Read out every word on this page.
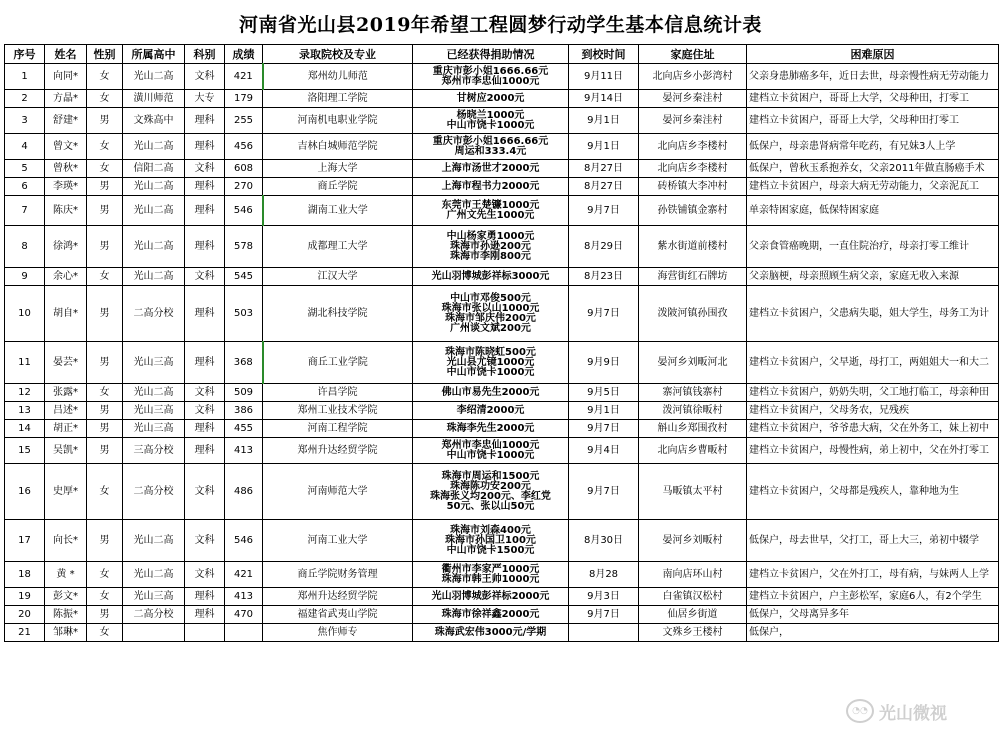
河南省光山县2019年希望工程圆梦行动学生基本信息统计表
序号	姓名	性别	所属高中	科别	成绩	录取院校及专业	已经获得捐助情况	到校时间	家庭住址	困难原因
1	向同*	女	光山二高	文科	421	郑州幼儿师范	重庆市彭小姐1666.66元
郑州市李忠仙1000元	9月11日	北向店乡小彭湾村	父亲身患肺癌多年，近日去世，母亲慢性病无劳动能力
2	方晶*	女	潢川师范	大专	179	洛阳理工学院	甘树应2000元	9月14日	晏河乡秦洼村	建档立卡贫困户，哥哥上大学，父母种田，打零工
3	舒建*	男	文殊高中	理科	255	河南机电职业学院	杨晓兰1000元
中山市饶卡1000元	9月1日	晏河乡秦洼村	建档立卡贫困户，哥哥上大学，父母种田打零工
4	曾文*	女	光山二高	理科	456	吉林白城师范学院	重庆市彭小姐1666.66元
周运和333.4元	9月1日	北向店乡李楼村	低保户，母亲患肾病常年吃药，有兄妹3人上学
5	曾秋*	女	信阳二高	文科	608	上海大学	上海市汤世才2000元	8月27日	北向店乡李楼村	低保户，曾秋玉系抱养女，父亲2011年做直肠癌手术
6	李瑛*	男	光山二高	理科	270	商丘学院	上海市程书力2000元	8月27日	砖桥镇大李冲村	建档立卡贫困户，母亲大病无劳动能力，父亲泥瓦工
7	陈庆*	男	光山二高	理科	546	湖南工业大学	东莞市王楚镰1000元
广州文先生1000元	9月7日	孙铁铺镇金寨村	单亲特困家庭，低保特困家庭
8	徐鸿*	男	光山二高	理科	578	成都理工大学	中山杨家勇1000元
珠海市孙逊200元
珠海市李刚800元	8月29日	紫水街道前楼村	父亲食管癌晚期，一直住院治疗，母亲打零工维计
9	余心*	女	光山二高	文科	545	江汉大学	光山羽博城彭祥标3000元	8月23日	海营街红石牌坊	父亲脑梗，母亲照顾生病父亲，家庭无收入来源
10	胡自*	男	二高分校	理科	503	湖北科技学院	中山市邓俊500元
珠海市张以山1000元
珠海市邹庆伟200元
广州谈文斌200元	9月7日	泼陂河镇孙围孜	建档立卡贫困户，父患病失聪，姐大学生，母务工为计
11	晏芸*	男	光山三高	理科	368	商丘工业学院	珠海市陈晓虹500元
光山县尤镜1000元
中山市饶卡1000元	9月9日	晏河乡刘畈河北	建档立卡贫困户，父早逝，母打工，两姐姐大一和大二
12	张露*	女	光山二高	文科	509	许昌学院	佛山市易先生2000元	9月5日	寨河镇钱寨村	建档立卡贫困户，奶奶失明，父工地打临工，母亲种田
13	吕述*	男	光山三高	文科	386	郑州工业技术学院	李绍清2000元	9月1日	泼河镇徐畈村	建档立卡贫困户，父母务农，兄残疾
14	胡正*	男	光山三高	理科	455	河南工程学院	珠海李先生2000元	9月7日	斛山乡郑围孜村	建档立卡贫困户，爷爷患大病，父在外务工，妹上初中
15	吴凯*	男	三高分校	理科	413	郑州升达经贸学院	郑州市李忠仙1000元
中山市饶卡1000元	9月4日	北向店乡曹畈村	建档立卡贫困户，母慢性病，弟上初中，父在外打零工
16	史厚*	女	二高分校	文科	486	河南师范大学	珠海市周运和1500元
珠海陈功安200元
珠海张义均200元、李红党
50元、张以山50元	9月7日	马畈镇太平村	建档立卡贫困户，父母都是残疾人，靠种地为生
17	向长*	男	光山二高	文科	546	河南工业大学	珠海市刘森400元
珠海市孙国卫100元
中山市饶卡1500元	8月30日	晏河乡刘畈村	低保户，母去世早，父打工，哥上大三，弟初中辍学
18	黄 *	女	光山二高	文科	421	商丘学院财务管理	衢州市李家严1000元
珠海市韩王帅1000元	8月28	南向店环山村	建档立卡贫困户，父在外打工，母有病，与妹两人上学
19	彭文*	女	光山三高	理科	413	郑州升达经贸学院	光山羽博城彭祥标2000元	9月3日	白雀镇汉松村	建档立卡贫困户，户主彭松军，家庭6人，有2个学生
20	陈振*	男	二高分校	理科	470	福建省武夷山学院	珠海市徐祥鑫2000元	9月7日	仙居乡街道	低保户，父母离异多年
21	邹琳*	女				焦作师专	珠海武宏伟3000元/学期		文殊乡王楼村	低保户，
◔◔ 光山微视
